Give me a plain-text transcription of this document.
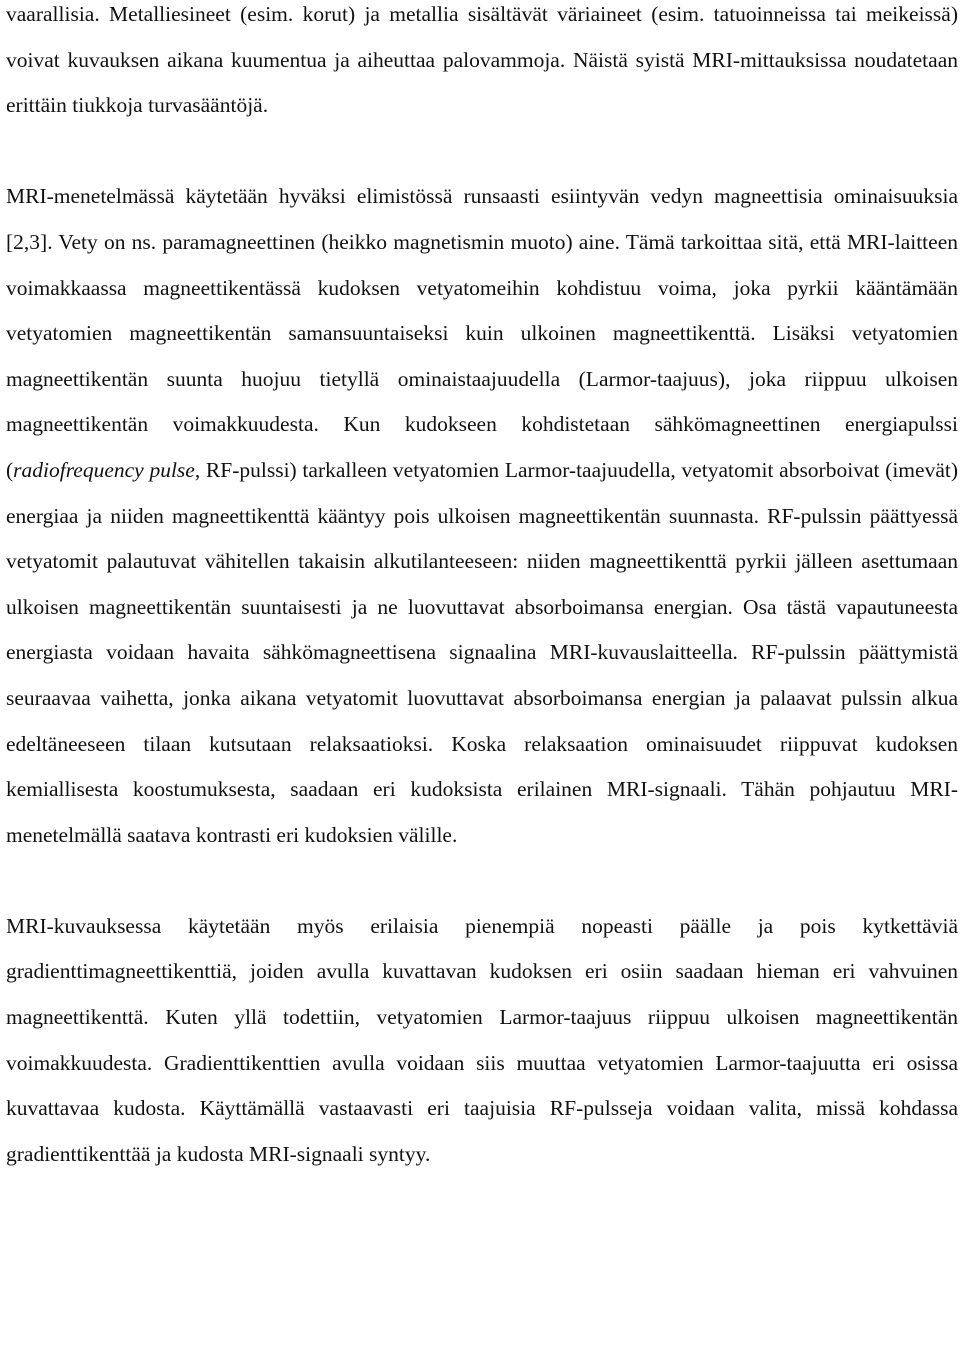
vaarallisia. Metalliesineet (esim. korut) ja metallia sisältävät väriaineet (esim. tatuoinneissa tai meikeissä) voivat kuvauksen aikana kuumentua ja aiheuttaa palovammoja. Näistä syistä MRI-mittauksissa noudatetaan erittäin tiukkoja turvasääntöjä.

MRI-menetelmässä käytetään hyväksi elimistössä runsaasti esiintyvän vedyn magneettisia ominaisuuksia [2,3]. Vety on ns. paramagneettinen (heikko magnetismin muoto) aine. Tämä tarkoittaa sitä, että MRI-laitteen voimakkaassa magneettikentässä kudoksen vetyatomeihin kohdistuu voima, joka pyrkii kääntämään vetyatomien magneettikentän samansuuntaiseksi kuin ulkoinen magneettikenttä. Lisäksi vetyatomien magneettikentän suunta huojuu tietyllä ominaistaajuudella (Larmor-taajuus), joka riippuu ulkoisen magneettikentän voimakkuudesta. Kun kudokseen kohdistetaan sähkömagneettinen energiapulssi (radiofrequency pulse, RF-pulssi) tarkalleen vetyatomien Larmor-taajuudella, vetyatomit absorboivat (imevät) energiaa ja niiden magneettikenttä kääntyy pois ulkoisen magneettikentän suunnasta. RF-pulssin päättyessä vetyatomit palautuvat vähitellen takaisin alkutilanteeseen: niiden magneettikenttä pyrkii jälleen asettumaan ulkoisen magneettikentän suuntaisesti ja ne luovuttavat absorboimansa energian. Osa tästä vapautuneesta energiasta voidaan havaita sähkömagneettisena signaalina MRI-kuvauslaitteella. RF-pulssin päättymistä seuraavaa vaihetta, jonka aikana vetyatomit luovuttavat absorboimansa energian ja palaavat pulssin alkua edeltäneeseen tilaan kutsutaan relaksaatioksi. Koska relaksaation ominaisuudet riippuvat kudoksen kemiallisesta koostumuksesta, saadaan eri kudoksista erilainen MRI-signaali. Tähän pohjautuu MRI-menetelmällä saatava kontrasti eri kudoksien välille.

MRI-kuvauksessa käytetään myös erilaisia pienempiä nopeasti päälle ja pois kytkettäviä gradienttimagneettikenttiä, joiden avulla kuvattavan kudoksen eri osiin saadaan hieman eri vahvuinen magneettikenttä. Kuten yllä todettiin, vetyatomien Larmor-taajuus riippuu ulkoisen magneettikentän voimakkuudesta. Gradienttikenttien avulla voidaan siis muuttaa vetyatomien Larmor-taajuutta eri osissa kuvattavaa kudosta. Käyttämällä vastaavasti eri taajuisia RF-pulsseja voidaan valita, missä kohdassa gradienttikenttää ja kudosta MRI-signaali syntyy.
